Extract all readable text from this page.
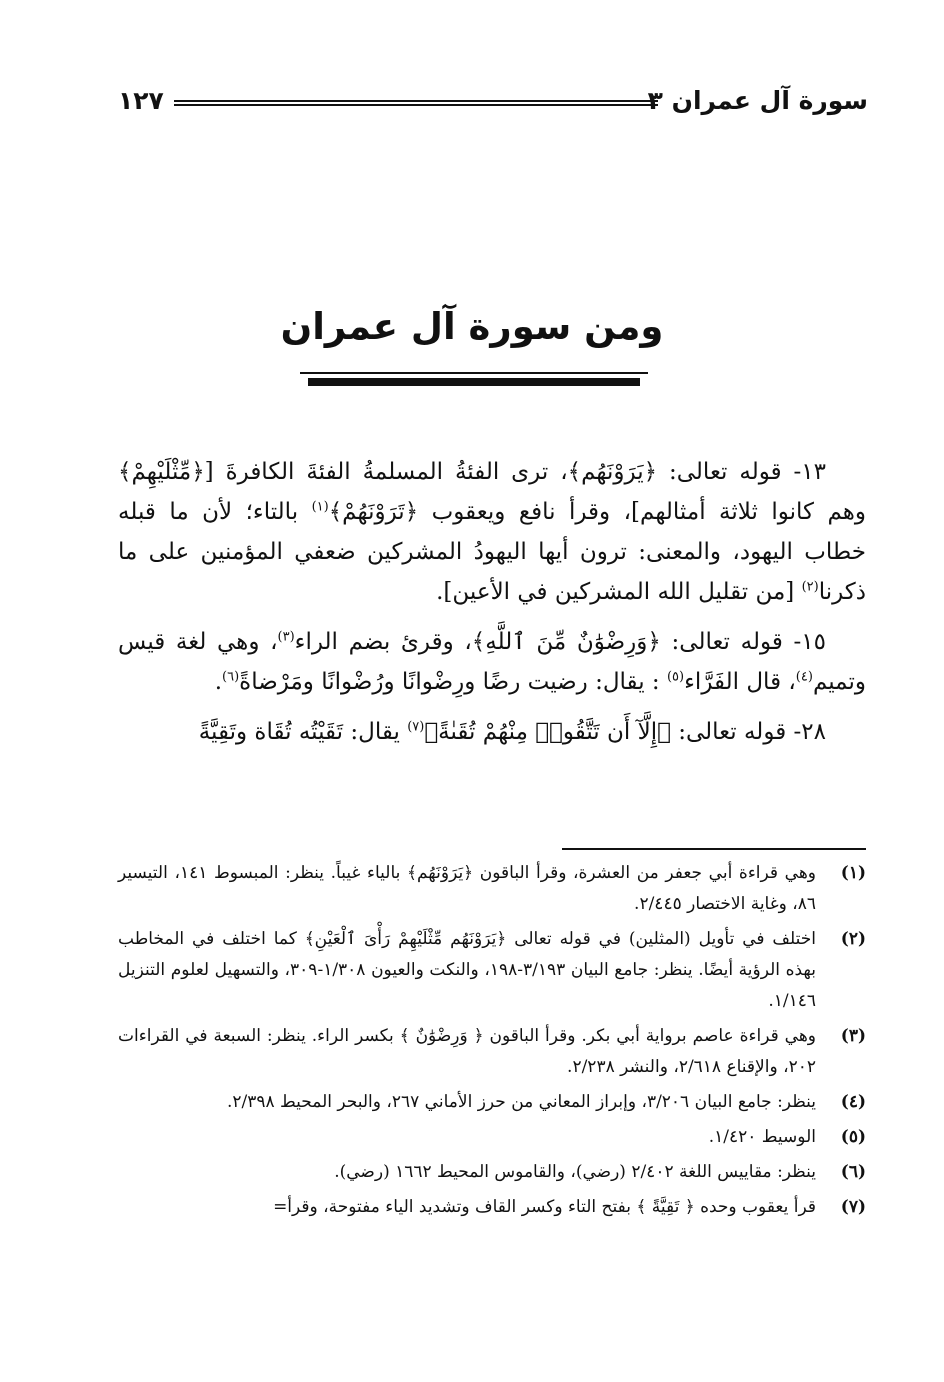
سورة آل عمران ٣
١٢٧
ومن سورة آل عمران

١٣- قوله تعالى: ﴿يَرَوْنَهُم﴾، ترى الفئةُ المسلمةُ الفئةَ الكافرةَ [﴿مِّثْلَيْهِمْ﴾ وهم كانوا ثلاثة أمثالهم]، وقرأ نافع ويعقوب ﴿تَرَوْنَهُمْ﴾$^{(١)}$ بالتاء؛ لأن ما قبله خطاب اليهود، والمعنى: ترون أيها اليهودُ المشركين ضعفي المؤمنين على ما ذكرنا$^{(٢)}$ [من تقليل الله المشركين في الأعين].

١٥- قوله تعالى: ﴿وَرِضْوَٰنٌ مِّنَ ٱللَّهِ﴾، وقرئ بضم الراء$^{(٣)}$، وهي لغة قيس وتميم$^{(٤)}$، قال الفَرَّاء$^{(٥)}$ : يقال: رضيت رضًا ورِضْوانًا ورُضْوانًا ومَرْضاةً$^{(٦)}$.

٢٨- قوله تعالى: ﴿إِلَّآ أَن تَتَّقُوا۟ مِنْهُمْ تُقَىٰةً﴾$^{(٧)}$ يقال: تَقَيْتُه تُقَاة وتَقِيَّةً

(١)
وهي قراءة أبي جعفر من العشرة، وقرأ الباقون ﴿يَرَوْنَهُم﴾ بالياء غيباً. ينظر: المبسوط ١٤١، التيسير ٨٦، وغاية الاختصار ٢/٤٤٥.
(٢)
اختلف في تأويل (المثلين) في قوله تعالى ﴿يَرَوْنَهُم مِّثْلَيْهِمْ رَأْىَ ٱلْعَيْنِ﴾ كما اختلف في المخاطب بهذه الرؤية أيضًا. ينظر: جامع البيان ٣/١٩٣-١٩٨، والنكت والعيون ١/٣٠٨-٣٠٩، والتسهيل لعلوم التنزيل ١/١٤٦.
(٣)
وهي قراءة عاصم برواية أبي بكر. وقرأ الباقون ﴿ وَرِضْوَٰنٌ ﴾ بكسر الراء. ينظر: السبعة في القراءات ٢٠٢، والإقناع ٢/٦١٨، والنشر ٢/٢٣٨.
(٤)
ينظر: جامع البيان ٣/٢٠٦، وإبراز المعاني من حرز الأماني ٢٦٧، والبحر المحيط ٢/٣٩٨.
(٥)
الوسيط ١/٤٢٠.
(٦)
ينظر: مقاييس اللغة ٢/٤٠٢ (رضي)، والقاموس المحيط ١٦٦٢ (رضي).
(٧)
قرأ يعقوب وحده ﴿ تَقِيَّةً ﴾ بفتح التاء وكسر القاف وتشديد الياء مفتوحة، وقرأ=
